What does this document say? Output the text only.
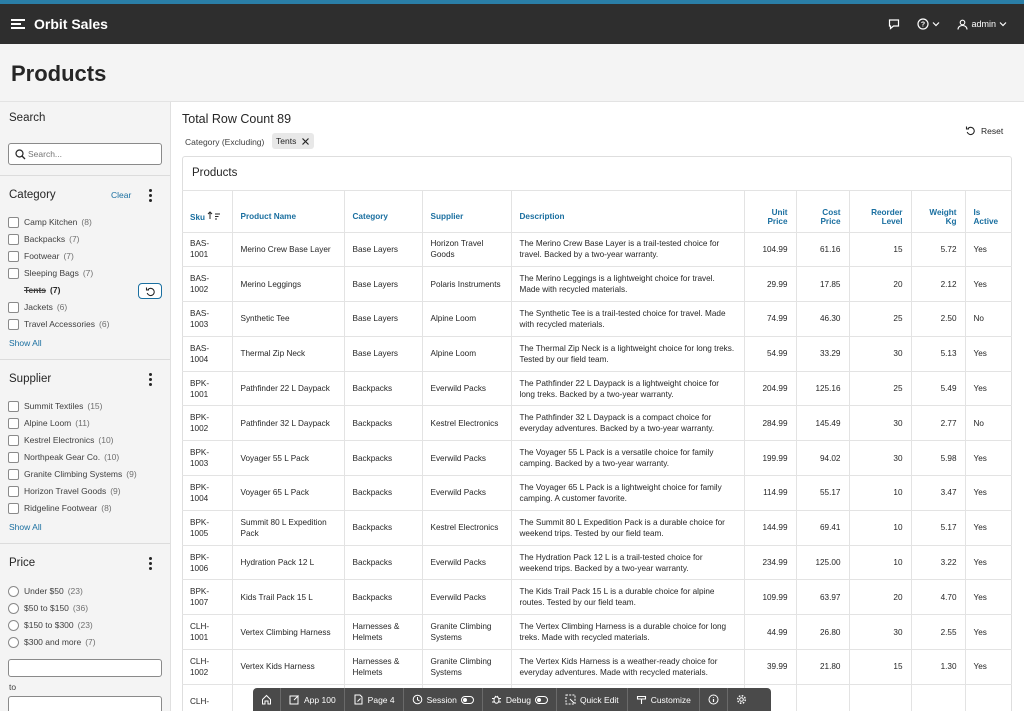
Orbit Sales	?	admin
Products
Search
Search...
Category	Clear
Camp Kitchen (8)
Backpacks (7)
Footwear (7)
Sleeping Bags (7)
Tents (7)
Jackets (6)
Travel Accessories (6)
Show All
Supplier
Summit Textiles (15)
Alpine Loom (11)
Kestrel Electronics (10)
Northpeak Gear Co. (10)
Granite Climbing Systems (9)
Horizon Travel Goods (9)
Ridgeline Footwear (8)
Show All
Price
Under $50 (23)
$50 to $150 (36)
$150 to $300 (23)
$300 and more (7)
to
Total Row Count 89
Category (Excluding) Tents
Reset
Products
Sku	Product Name	Category	Supplier	Description	Unit Price	Cost Price	Reorder Level	Weight Kg	Is Active
BAS-1001	Merino Crew Base Layer	Base Layers	Horizon Travel Goods	The Merino Crew Base Layer is a trail-tested choice for travel. Backed by a two-year warranty.	104.99	61.16	15	5.72	Yes
BAS-1002	Merino Leggings	Base Layers	Polaris Instruments	The Merino Leggings is a lightweight choice for travel. Made with recycled materials.	29.99	17.85	20	2.12	Yes
BAS-1003	Synthetic Tee	Base Layers	Alpine Loom	The Synthetic Tee is a trail-tested choice for travel. Made with recycled materials.	74.99	46.30	25	2.50	No
BAS-1004	Thermal Zip Neck	Base Layers	Alpine Loom	The Thermal Zip Neck is a lightweight choice for long treks. Tested by our field team.	54.99	33.29	30	5.13	Yes
BPK-1001	Pathfinder 22 L Daypack	Backpacks	Everwild Packs	The Pathfinder 22 L Daypack is a lightweight choice for long treks. Backed by a two-year warranty.	204.99	125.16	25	5.49	Yes
BPK-1002	Pathfinder 32 L Daypack	Backpacks	Kestrel Electronics	The Pathfinder 32 L Daypack is a compact choice for everyday adventures. Backed by a two-year warranty.	284.99	145.49	30	2.77	No
BPK-1003	Voyager 55 L Pack	Backpacks	Everwild Packs	The Voyager 55 L Pack is a versatile choice for family camping. Backed by a two-year warranty.	199.99	94.02	30	5.98	Yes
BPK-1004	Voyager 65 L Pack	Backpacks	Everwild Packs	The Voyager 65 L Pack is a lightweight choice for family camping. A customer favorite.	114.99	55.17	10	3.47	Yes
BPK-1005	Summit 80 L Expedition Pack	Backpacks	Kestrel Electronics	The Summit 80 L Expedition Pack is a durable choice for weekend trips. Tested by our field team.	144.99	69.41	10	5.17	Yes
BPK-1006	Hydration Pack 12 L	Backpacks	Everwild Packs	The Hydration Pack 12 L is a trail-tested choice for weekend trips. Backed by a two-year warranty.	234.99	125.00	10	3.22	Yes
BPK-1007	Kids Trail Pack 15 L	Backpacks	Everwild Packs	The Kids Trail Pack 15 L is a durable choice for alpine routes. Tested by our field team.	109.99	63.97	20	4.70	Yes
CLH-1001	Vertex Climbing Harness	Harnesses & Helmets	Granite Climbing Systems	The Vertex Climbing Harness is a durable choice for long treks. Made with recycled materials.	44.99	26.80	30	2.55	Yes
CLH-1002	Vertex Kids Harness	Harnesses & Helmets	Granite Climbing Systems	The Vertex Kids Harness is a weather-ready choice for everyday adventures. Made with recycled materials.	39.99	21.80	15	1.30	Yes
CLH-										App 100	Page 4	Session	Debug	Quick Edit	Customize
